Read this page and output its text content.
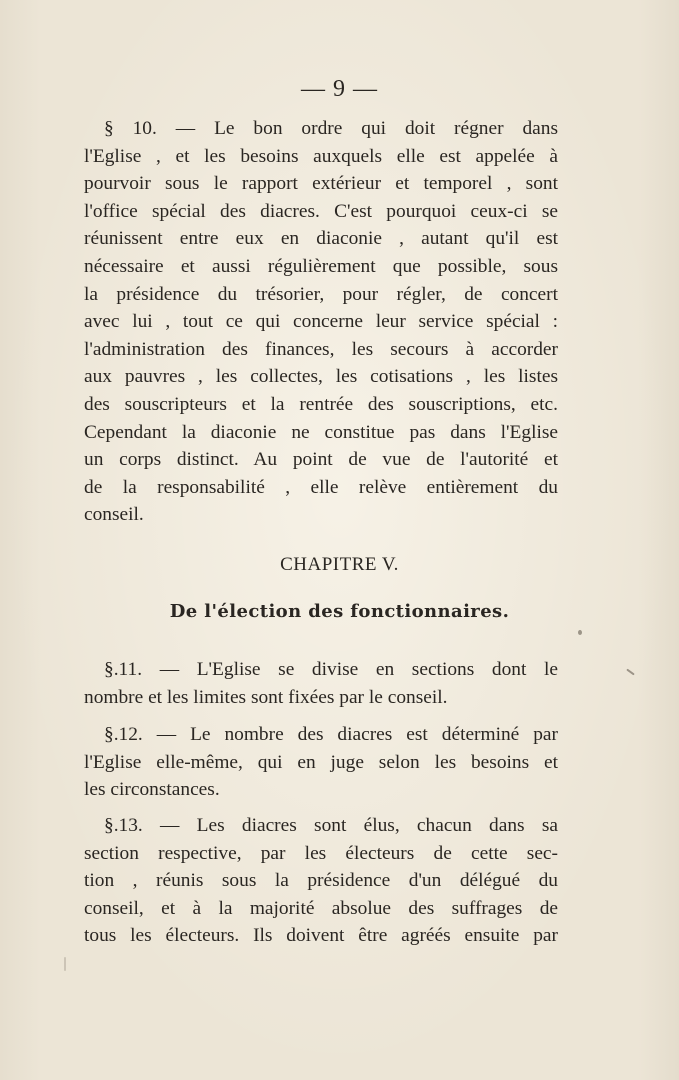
— 9 —
§ 10. — Le bon ordre qui doit régner dans
l'Eglise , et les besoins auxquels elle est appelée à
pourvoir sous le rapport extérieur et temporel , sont
l'office spécial des diacres. C'est pourquoi ceux-ci se
réunissent entre eux en diaconie , autant qu'il est
nécessaire et aussi régulièrement que possible, sous
la présidence du trésorier, pour régler, de concert
avec lui , tout ce qui concerne leur service spécial :
l'administration des finances, les secours à accorder
aux pauvres , les collectes, les cotisations , les listes
des souscripteurs et la rentrée des souscriptions, etc.
Cependant la diaconie ne constitue pas dans l'Eglise
un corps distinct. Au point de vue de l'autorité et
de la responsabilité , elle relève entièrement du
conseil.
CHAPITRE V.
De l'élection des fonctionnaires.
§.11. — L'Eglise se divise en sections dont le
nombre et les limites sont fixées par le conseil.
§.12. — Le nombre des diacres est déterminé par
l'Eglise elle-même, qui en juge selon les besoins et
les circonstances.
§.13. — Les diacres sont élus, chacun dans sa
section respective, par les électeurs de cette sec-
tion , réunis sous la présidence d'un délégué du
conseil, et à la majorité absolue des suffrages de
tous les électeurs. Ils doivent être agréés ensuite par
